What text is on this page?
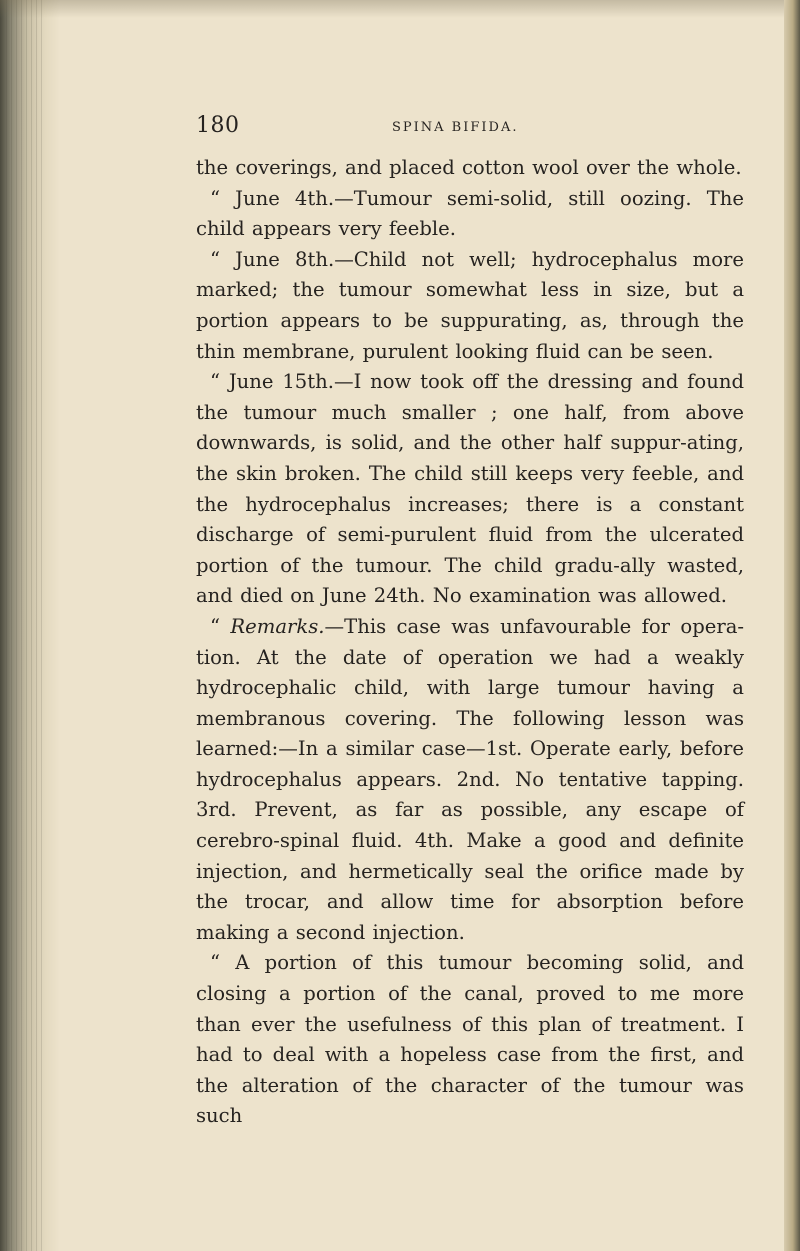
180	SPINA BIFIDA.

the coverings, and placed cotton wool over the whole.

“ June 4th.—Tumour semi-solid, still oozing. The child appears very feeble.

“ June 8th.—Child not well; hydrocephalus more marked; the tumour somewhat less in size, but a portion appears to be suppurating, as, through the thin membrane, purulent looking fluid can be seen.

“ June 15th.—I now took off the dressing and found the tumour much smaller ; one half, from above downwards, is solid, and the other half suppur-ating, the skin broken. The child still keeps very feeble, and the hydrocephalus increases; there is a constant discharge of semi-purulent fluid from the ulcerated portion of the tumour. The child gradu-ally wasted, and died on June 24th. No examination was allowed.

“ Remarks.—This case was unfavourable for opera-tion. At the date of operation we had a weakly hydrocephalic child, with large tumour having a membranous covering. The following lesson was learned:—In a similar case—1st. Operate early, before hydrocephalus appears. 2nd. No tentative tapping. 3rd. Prevent, as far as possible, any escape of cerebro-spinal fluid. 4th. Make a good and definite injection, and hermetically seal the orifice made by the trocar, and allow time for absorption before making a second injection.

“ A portion of this tumour becoming solid, and closing a portion of the canal, proved to me more than ever the usefulness of this plan of treatment. I had to deal with a hopeless case from the first, and the alteration of the character of the tumour was such
